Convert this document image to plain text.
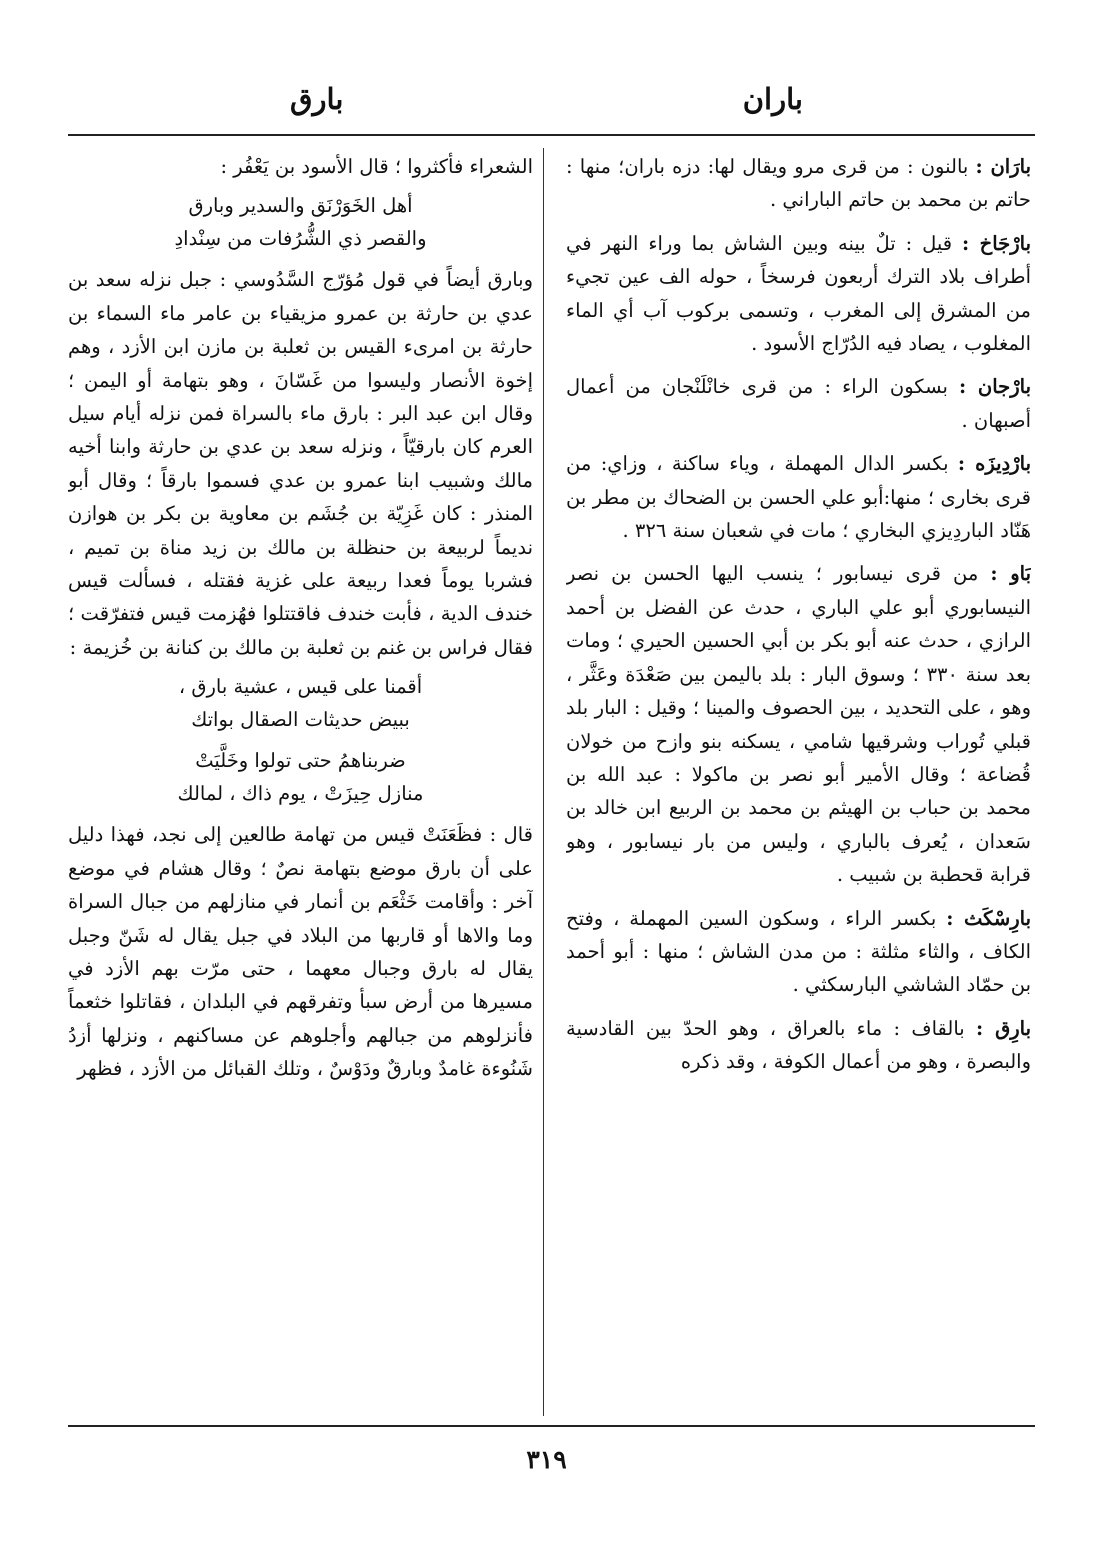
باران
بارق

بارَان : بالنون : من قرى مرو ويقال لها: دزه باران؛ منها : حاتم بن محمد بن حاتم الباراني .

بارْجَاخ : قيل : تلٌ بينه وبين الشاش بما وراء النهر في أطراف بلاد الترك أربعون فرسخاً ، حوله الف عين تجيء من المشرق إلى المغرب ، وتسمى بركوب آب أي الماء المغلوب ، يصاد فيه الدُرّاج الأسود .

بارْجان : بسكون الراء : من قرى خانْلَنْجان من أعمال أصبهان .

بارْدِيزَه : بكسر الدال المهملة ، وياء ساكنة ، وزاي: من قرى بخارى ؛ منها:أبو علي الحسن بن الضحاك بن مطر بن هَنّاد الباردِيزي البخاري ؛ مات في شعبان سنة ٣٢٦ .

بَاو : من قرى نيسابور ؛ ينسب اليها الحسن بن نصر النيسابوري أبو علي الباري ، حدث عن الفضل بن أحمد الرازي ، حدث عنه أبو بكر بن أبي الحسين الحيري ؛ ومات بعد سنة ٣٣٠ ؛ وسوق البار : بلد باليمن بين صَعْدَة وعَثَّر ، وهو ، على التحديد ، بين الحصوف والمينا ؛ وقيل : البار بلد قبلي تُوراب وشرقيها شامي ، يسكنه بنو وازح من خولان قُضاعة ؛ وقال الأمير أبو نصر بن ماكولا : عبد الله بن محمد بن حباب بن الهيثم بن محمد بن الربيع ابن خالد بن سَعدان ، يُعرف بالباري ، وليس من بار نيسابور ، وهو قرابة قحطبة بن شبيب .

بارِسْكَث : بكسر الراء ، وسكون السين المهملة ، وفتح الكاف ، والثاء مثلثة : من مدن الشاش ؛ منها : أبو أحمد بن حمّاد الشاشي البارسكثي .

بارِق : بالقاف : ماء بالعراق ، وهو الحدّ بين القادسية والبصرة ، وهو من أعمال الكوفة ، وقد ذكره

الشعراء فأكثروا ؛ قال الأسود بن يَعْفُر :

أهل الخَوَرْنَق والسدير وبارق
والقصر ذي الشُّرُفات من سِنْدادِ

وبارق أيضاً في قول مُؤرّج السَّدُوسي : جبل نزله سعد بن عدي بن حارثة بن عمرو مزيقياء بن عامر ماء السماء بن حارثة بن امرىء القيس بن ثعلبة بن مازن ابن الأزد ، وهم إخوة الأنصار وليسوا من غَسّانَ ، وهو بتهامة أو اليمن ؛ وقال ابن عبد البر : بارق ماء بالسراة فمن نزله أيام سيل العرم كان بارقيّاً ، ونزله سعد بن عدي بن حارثة وابنا أخيه مالك وشبيب ابنا عمرو بن عدي فسموا بارقاً ؛ وقال أبو المنذر : كان غَزِيّة بن جُشَم بن معاوية بن بكر بن هوازن نديماً لربيعة بن حنظلة بن مالك بن زيد مناة بن تميم ، فشربا يوماً فعدا ربيعة على غزية فقتله ، فسألت قيس خندف الدية ، فأبت خندف فاقتتلوا فهُزمت قيس فتفرّقت ؛ فقال فراس بن غنم بن ثعلبة بن مالك بن كنانة بن خُزيمة :

أقمنا على قيس ، عشية بارق ،
ببيض حديثات الصقال بواتك
ضربناهمُ حتى تولوا وخَلَّيَتْ
منازل حِيزَتْ ، يوم ذاك ، لمالك

قال : فظَعَنَتْ قيس من تهامة طالعين إلى نجد، فهذا دليل على أن بارق موضع بتهامة نصٌ ؛ وقال هشام في موضع آخر : وأقامت خَثْعَم بن أنمار في منازلهم من جبال السراة وما والاها أو قاربها من البلاد في جبل يقال له شَنّ وجبل يقال له بارق وجبال معهما ، حتى مرّت بهم الأزد في مسيرها من أرض سبأ وتفرقهم في البلدان ، فقاتلوا خثعماً فأنزلوهم من جبالهم وأجلوهم عن مساكنهم ، ونزلها أزدُ شَنُوءة غامدٌ وبارقٌ ودَوْسٌ ، وتلك القبائل من الأزد ، فظهر

٣١٩
